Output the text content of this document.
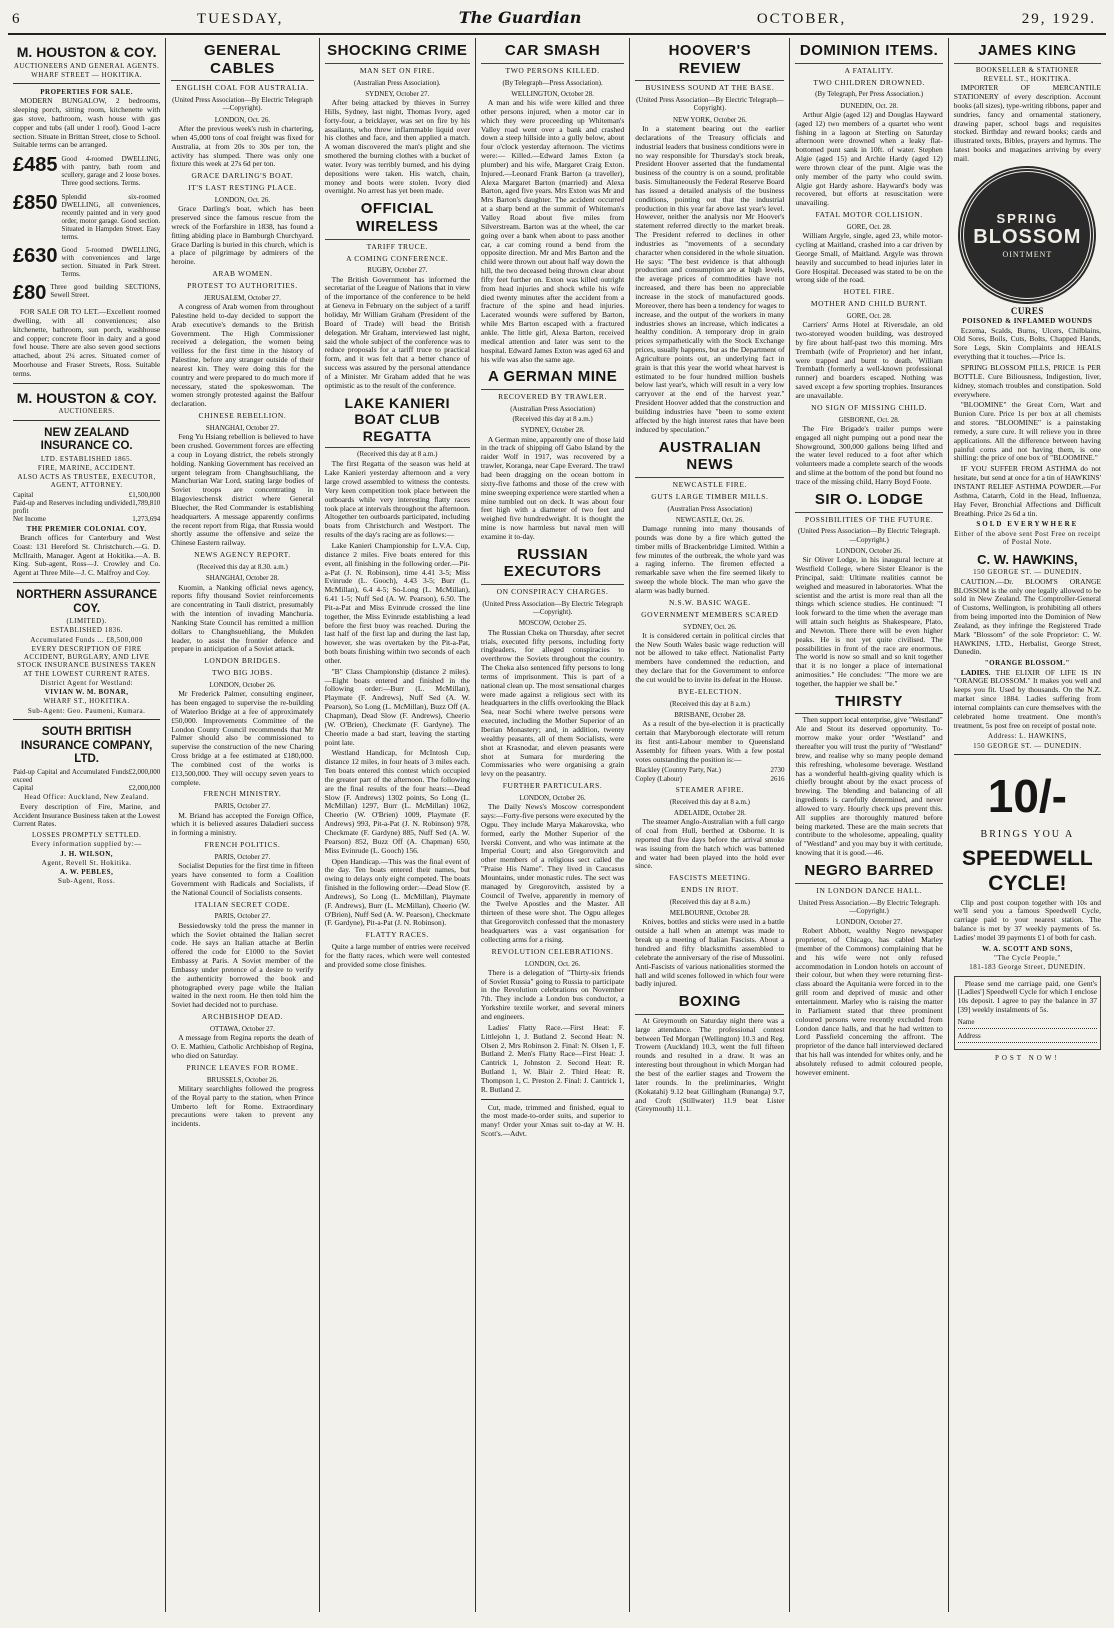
6	TUESDAY,	The Guardian	OCTOBER,	29, 1929.
M. HOUSTON & COY.
AUCTIONEERS AND GENERAL AGENTS.
WHARF STREET — HOKITIKA.
PROPERTIES FOR SALE.

MODERN BUNGALOW, 2 bedrooms, sleeping porch, sitting room, kitchenette with gas stove, bathroom, wash house with gas copper and tubs (all under 1 roof). Good 1-acre section. Situate in Brittan Street, close to School. Suitable terms can be arranged.

£485 Good 4-roomed DWELLING, with pantry, bath room and scullery, garage and 2 loose boxes. Three good sections. Terms.
£850 Splendid six-roomed DWELLING, all conveniences, recently painted and in very good order, motor garage. Good section. Situated in Hampden Street. Easy terms.
£630 Good 5-roomed DWELLING, with conveniences and large section. Situated in Park Street. Terms.
£80 Three good building SECTIONS, Sewell Street.

FOR SALE OR TO LET.—Excellent roomed dwelling, with all conveniences; also kitchenette, bathroom, sun porch, washhouse and copper; concrete floor in dairy and a good fowl house. There are also seven good sections attached, about 2¼ acres. Situated corner of Moorhouse and Fraser Streets, Ross. Suitable terms.

M. HOUSTON & COY.
AUCTIONEERS.
NEW ZEALAND INSURANCE CO.
LTD. ESTABLISHED 1865.
FIRE, MARINE, ACCIDENT.
ALSO ACTS AS TRUSTEE, EXECUTOR, AGENT, ATTORNEY.
Capital	£1,500,000
Paid-up and Reserves including undivided profit
1,789,810
Net Income	1,273,694
THE PREMIER COLONIAL COY.

Branch offices for Canterbury and West Coast: 131 Hereford St. Christchurch.—G. D. McIlraith, Manager. Agent at Hokitika.—A. B. King. Sub-agent, Ross—J. Crowley and Co. Agent at Three Mile—J. C. Malfroy and Coy.

NORTHERN ASSURANCE COY.
(LIMITED).
ESTABLISHED 1836.
Accumulated Funds ... £8,500,000
EVERY DESCRIPTION OF FIRE ACCIDENT, BURGLARY, AND LIVE STOCK INSURANCE BUSINESS TAKEN AT THE LOWEST CURRENT RATES.
District Agent for Westland:
VIVIAN W. M. BONAR,
WHARF ST., HOKITIKA.
Sub-Agent: Geo. Paumeni, Kumara.
SOUTH BRITISH INSURANCE COMPANY, LTD.
Paid-up Capital and Accumulated Funds exceed
£2,000,000
Capital	£2,000,000
Head Office: Auckland, New Zealand.

Every description of Fire, Marine, and Accident Insurance Business taken at the Lowest Current Rates.

LOSSES PROMPTLY SETTLED.
Every information supplied by:—
J. H. WILSON,
Agent, Revell St. Hokitika.
A. W. PEBLES,
Sub-Agent, Ross.
GENERAL CABLES
ENGLISH COAL FOR AUSTRALIA.
(United Press Association—By Electric Telegraph—Copyright).
LONDON, Oct. 26.

After the previous week's rush in chartering, when 45,000 tons of coal freight was fixed for Australia, at from 20s to 30s per ton, the activity has slumped. There was only one fixture this week at 27s 6d per ton.

GRACE DARLING'S BOAT.
IT'S LAST RESTING PLACE.
LONDON, Oct. 26.

Grace Darling's boat, which has been preserved since the famous rescue from the wreck of the Forfarshire in 1838, has found a fitting abiding place in Bamburgh Churchyard. Grace Darling is buried in this church, which is a place of pilgrimage by admirers of the heroine.

ARAB WOMEN.
PROTEST TO AUTHORITIES.
JERUSALEM, October 27.

A congress of Arab women from throughout Palestine held to-day decided to support the Arab executive's demands to the British Government. The High Commissioner received a delegation, the women being veilless for the first time in the history of Palestine, before any stranger outside of their nearest kin. They were doing this for the country and were prepared to do much more if necessary, stated the spokeswoman. The women strongly protested against the Balfour declaration.

CHINESE REBELLION.
SHANGHAI, October 27.

Feng Yu Hsiang rebellion is believed to have been crushed. Government forces are effecting a coup in Loyang district, the rebels strongly holding. Nanking Government has received an urgent telegram from Changhsuchliang, the Manchurian War Lord, stating large bodies of Soviet troops are concentrating in Blagovieschensk district where General Bluecher, the Red Commander is establishing headquarters. A message apparently confirms the recent report from Riga, that Russia would shortly assume the offensive and seize the Chinese Eastern railway.

NEWS AGENCY REPORT.
(Received this day at 8.30. a.m.)
SHANGHAI, October 28.

Kuomin, a Nanking official news agency, reports fifty thousand Soviet reinforcements are concentrating in Tauli district, presumably with the intention of invading Manchuria. Nanking State Council has remitted a million dollars to Changhsuehliang, the Mukden leader, to assist the frontier defence and prepare in anticipation of a Soviet attack.

LONDON BRIDGES.
TWO BIG JOBS.
LONDON, October 26.

Mr Frederick Palmer, consulting engineer, has been engaged to supervise the re-building of Waterloo Bridge at a fee of approximately £50,000. Improvements Committee of the London County Council recommends that Mr Palmer should also be commissioned to supervise the construction of the new Charing Cross bridge at a fee estimated at £180,000. The combined cost of the works is £13,500,000. They will occupy seven years to complete.

FRENCH MINISTRY.
PARIS, October 27.

M. Briand has accepted the Foreign Office, which it is believed assures Daladieri success in forming a ministry.

FRENCH POLITICS.
PARIS, October 27.

Socialist Deputies for the first time in fifteen years have consented to form a Coalition Government with Radicals and Socialists, if the National Council of Socialists consents.

ITALIAN SECRET CODE.
PARIS, October 27.

Bessiedowsky told the press the manner in which the Soviet obtained the Italian secret code. He says an Italian attache at Berlin offered the code for £1000 to the Soviet Embassy at Paris. A Soviet member of the Embassy under pretence of a desire to verify the authenticity borrowed the book and photographed every page while the Italian waited in the next room. He then told him the Soviet had decided not to purchase.

ARCHBISHOP DEAD.
OTTAWA, October 27.

A message from Regina reports the death of O. E. Mathieu, Catholic Archbishop of Regina, who died on Saturday.

PRINCE LEAVES FOR ROME.
BRUSSELS, October 26.

Military searchlights followed the progress of the Royal party to the station, when Prince Umberto left for Rome. Extraordinary precautions were taken to prevent any incidents.

SHOCKING CRIME
MAN SET ON FIRE.
(Australian Press Association).
SYDNEY, October 27.

After being attacked by thieves in Surrey Hills, Sydney, last night, Thomas Ivory, aged forty-four, a bricklayer, was set on fire by his assailants, who threw inflammable liquid over his clothes and face, and then applied a match. A woman discovered the man's plight and she smothered the burning clothes with a bucket of water. Ivory was terribly burned, and his dying depositions were taken. His watch, chain, money and boots were stolen. Ivory died overnight. No arrest has yet been made.

OFFICIAL WIRELESS
TARIFF TRUCE.
A COMING CONFERENCE.
RUGBY, October 27.

The British Government has informed the secretariat of the League of Nations that in view of the importance of the conference to be held at Geneva in February on the subject of a tariff holiday, Mr William Graham (President of the Board of Trade) will head the British delegation. Mr Graham, interviewed last night, said the whole subject of the conference was to reduce proposals for a tariff truce to practical form, and it was felt that a better chance of success was assured by the personal attendance of a Minister. Mr Graham added that he was optimistic as to the result of the conference.

LAKE KANIERI BOAT CLUB REGATTA
(Received this day at 8 a.m.)

The first Regatta of the season was held at Lake Kanieri yesterday afternoon and a very large crowd assembled to witness the contests. Very keen competition took place between the outboards while very interesting flatty races took place at intervals throughout the afternoon. Altogether ten outboards participated, including boats from Christchurch and Westport. The results of the day's racing are as follows:—

Lake Kanieri Championship for L.V.A. Cup, distance 2 miles. Five boats entered for this event, all finishing in the following order.—Pit-a-Pat (J. N. Robinson), time 4.41 3-5; Miss Evinrude (L. Gooch), 4.43 3-5; Burr (L. McMillan), 6.4 4-5; So-Long (L. McMillan), 6.41 1-5; Nuff Sed (A. W. Pearson), 6.50. The Pit-a-Pat and Miss Evinrude crossed the line together, the Miss Evinrude establishing a lead before the first buoy was reached. During the last half of the first lap and during the last lap, however, she was overtaken by the Pit-a-Pat, both boats finishing within two seconds of each other.

"B" Class Championship (distance 2 miles).—Eight boats entered and finished in the following order:—Burr (L. McMillan), Playmate (F. Andrews), Nuff Sed (A. W. Pearson), So Long (L. McMillan), Buzz Off (A. Chapman), Dead Slow (F. Andrews), Cheerio (W. O'Brien), Checkmate (F. Gardyne). The Cheerio made a bad start, leaving the starting point late.

Westland Handicap, for McIntosh Cup, distance 12 miles, in four heats of 3 miles each. Ten boats entered this contest which occupied the greater part of the afternoon. The following are the final results of the four heats:—Dead Slow (F. Andrews) 1302 points, So Long (L. McMillan) 1297, Burr (L. McMillan) 1062, Cheerio (W. O'Brien) 1009, Playmate (F. Andrews) 993, Pit-a-Pat (J. N. Robinson) 978, Checkmate (F. Gardyne) 885, Nuff Sed (A. W. Pearson) 852, Buzz Off (A. Chapman) 650, Miss Evinrude (L. Gooch) 156.

Open Handicap.—This was the final event of the day. Ten boats entered their names, but owing to delays only eight competed. The boats finished in the following order:—Dead Slow (F. Andrews), So Long (L. McMillan), Playmate (F. Andrews), Burr (L. McMillan), Cheerio (W. O'Brien), Nuff Sed (A. W. Pearson), Checkmate (F. Gardyne), Pit-a-Pat (J. N. Robinson).

FLATTY RACES.

Quite a large number of entries were received for the flatty races, which were well contested and provided some close finishes.

CAR SMASH
TWO PERSONS KILLED.
(By Telegraph—Press Association).
WELLINGTON, October 28.

A man and his wife were killed and three other persons injured, when a motor car in which they were proceeding up Whiteman's Valley road went over a bank and crashed down a steep hillside into a gully below, about four o'clock yesterday afternoon. The victims were:— Killed.—Edward James Exton (a plumber) and his wife, Margaret Craig Exton. Injured.—Leonard Frank Barton (a traveller), Alexa Margaret Barton (married) and Alexa Barton, aged five years. Mrs Exton was Mr and Mrs Barton's daughter. The accident occurred at a sharp bend at the summit of Whiteman's Valley Road about five miles from Silverstream. Barton was at the wheel, the car going over a bank when about to pass another car, a car coming round a bend from the opposite direction. Mr and Mrs Barton and the child were thrown out about half way down the hill, the two deceased being thrown clear about fifty feet further on. Exton was killed outright from head injuries and shock while his wife died twenty minutes after the accident from a fracture of the spine and head injuries. Lacerated wounds were suffered by Barton, while Mrs Barton escaped with a fractured ankle. The little girl, Alexa Barton, received medical attention and later was sent to the hospital. Edward James Exton was aged 63 and his wife was also the same age.

A GERMAN MINE
RECOVERED BY TRAWLER.
(Australian Press Association)
(Received this day at 8 a.m.)
SYDNEY, October 28.

A German mine, apparently one of those laid in the track of shipping off Gabo Island by the raider Wolf in 1917, was recovered by a trawler, Koranga, near Cape Everard. The trawl had been dragging on the ocean bottom in sixty-five fathoms and those of the crew with mine sweeping experience were startled when a mine tumbled out on deck. It was about four feet high with a diameter of two feet and weighed five hundredweight. It is thought the mine is now harmless but naval men will examine it to-day.

RUSSIAN EXECUTORS
ON CONSPIRACY CHARGES.
(United Press Association—By Electric Telegraph—Copyright).
MOSCOW, October 25.

The Russian Cheka on Thursday, after secret trials, executed fifty persons, including forty ringleaders, for alleged conspiracies to overthrow the Soviets throughout the country. The Cheka also sentenced fifty persons to long terms of imprisonment. This is part of a national clean up. The most sensational charges were made against a religious sect with its headquarters in the cliffs overlooking the Black Sea, near Sochi where twelve persons were executed, including the Mother Superior of an Iberian Monastery; and, in addition, twenty wealthy peasants, all of them Socialists, were shot at Krasnodar, and eleven peasants were shot at Sumara for murdering the Commissaries who were organising a grain levy on the peasantry.

FURTHER PARTICULARS.
LONDON, October 26.

The Daily News's Moscow correspondent says:—Forty-five persons were executed by the Ogpu. They include Marya Makarovska, who formed, early the Mother Superior of the Iverski Convent, and who was intimate at the Imperial Court; and also Gregorovitch and other members of a religious sect called the "Praise His Name". They lived in Caucasus Mountains, under monastic rules. The sect was managed by Gregorovitch, assisted by a Council of Twelve, apparently in memory of the Twelve Apostles and the Master. All thirteen of these were shot. The Ogpu alleges that Gregorovitch confessed that the monastery headquarters was a vast organisation for collecting arms for a rising.

REVOLUTION CELEBRATIONS.
LONDON, Oct. 26.

There is a delegation of "Thirty-six friends of Soviet Russia" going to Russia to participate in the Revolution celebrations on November 7th. They include a London bus conductor, a Yorkshire textile worker, and several miners and engineers.

Ladies' Flatty Race.—First Heat: F. Littlejohn 1, J. Butland 2. Second Heat: N. Olsen 2, Mrs Robinson 2. Final: N. Olsen 1, F. Butland 2. Men's Flatty Race—First Heat: J. Cantrick 1, Johnston 2. Second Heat: R. Butland 1, W. Blair 2. Third Heat: R. Thompson 1, C. Preston 2. Final: J. Cantrick 1, R. Butland 2.

Cut, made, trimmed and finished, equal to the most made-to-order suits, and superior to many! Order your Xmas suit to-day at W. H. Scott's.—Advt.

HOOVER'S REVIEW
BUSINESS SOUND AT THE BASE.
(United Press Association—By Electric Telegraph—Copyright).
NEW YORK, October 26.

In a statement bearing out the earlier declarations of the Treasury officials and industrial leaders that business conditions were in no way responsible for Thursday's stock break, President Hoover asserted that the fundamental business of the country is on a sound, profitable basis. Simultaneously the Federal Reserve Board has issued a detailed analysis of the business conditions, pointing out that the industrial production in this year far above last year's level. However, neither the analysis nor Mr Hoover's statement referred directly to the market break. The President referred to declines in other industries as "movements of a secondary character when considered in the whole situation. He says: "The best evidence is that although production and consumption are at high levels, the average prices of commodities have not increased, and there has been no appreciable increase in the stock of manufactured goods. Moreover, there has been a tendency for wages to increase, and the output of the workers in many industries shows an increase, which indicates a healthy condition. A temporary drop in grain prices sympathetically with the Stock Exchange prices, usually happens, but as the Department of Agriculture points out, an underlying fact in grain is that this year the world wheat harvest is estimated to be four hundred million bushels below last year's, which will result in a very low carryover at the end of the harvest year." President Hoover added that the construction and building industries have "been to some extent affected by the high interest rates that have been induced by speculation."

AUSTRALIAN NEWS
NEWCASTLE FIRE.
GUTS LARGE TIMBER MILLS.
(Australian Press Association)
NEWCASTLE, Oct. 26.

Damage running into many thousands of pounds was done by a fire which gutted the timber mills of Brackenbridge Limited. Within a few minutes of the outbreak, the whole yard was a raging inferno. The firemen effected a remarkable save when the fire seemed likely to sweep the whole block. The man who gave the alarm was badly burned.

N.S.W. BASIC WAGE.
GOVERNMENT MEMBERS SCARED
SYDNEY, Oct. 26.

It is considered certain in political circles that the New South Wales basic wage reduction will not be allowed to take effect. Nationalist Party members have condemned the reduction, and they declare that for the Government to enforce the cut would be to invite its defeat in the House.

BYE-ELECTION.
(Received this day at 8 a.m.)
BRISBANE, October 28.

As a result of the bye-election it is practically certain that Maryborough electorate will return its first anti-Labour member to Queensland Assembly for fifteen years. With a few postal votes outstanding the position is:—

Blackley (Country Party, Nat.)	2730
Copley (Labour)	2616
STEAMER AFIRE.
(Received this day at 8 a.m.)
ADELAIDE, October 28.

The steamer Anglo-Australian with a full cargo of coal from Hull, berthed at Osborne. It is reported that five days before the arrival smoke was issuing from the hatch which was battened and water had been played into the hold ever since.

FASCISTS MEETING.
ENDS IN RIOT.
(Received this day at 8 a.m.)
MELBOURNE, October 28.

Knives, bottles and sticks were used in a battle outside a hall when an attempt was made to break up a meeting of Italian Fascists. About a hundred and fifty blacksmiths assembled to celebrate the anniversary of the rise of Mussolini. Anti-Fascists of various nationalities stormed the hall and wild scenes followed in which four were badly injured.

BOXING

At Greymouth on Saturday night there was a large attendance. The professional contest between Ted Morgan (Wellington) 10.3 and Reg. Trowern (Auckland) 10.3, went the full fifteen rounds and resulted in a draw. It was an interesting bout throughout in which Morgan had the best of the earlier stages and Trowern the later rounds. In the preliminaries, Wright (Kokatahi) 9.12 beat Gillingham (Runanga) 9.7, and Croft (Stillwater) 11.9 beat Lister (Greymouth) 11.1.

DOMINION ITEMS.
A FATALITY.
TWO CHILDREN DROWNED.
(By Telegraph, Per Press Association.)
DUNEDIN, Oct. 28.

Arthur Algie (aged 12) and Douglas Hayward (aged 12) two members of a quartet who went fishing in a lagoon at Sterling on Saturday afternoon were drowned when a leaky flat-bottomed punt sank in 10ft. of water. Stephen Algie (aged 15) and Archie Hardy (aged 12) were thrown clear of the punt. Algie was the only member of the party who could swim. Algie got Hardy ashore. Hayward's body was recovered, but efforts at resuscitation were unavailing.

FATAL MOTOR COLLISION.
GORE, Oct. 28.

William Argyle, single, aged 23, while motor-cycling at Maitland, crashed into a car driven by George Small, of Maitland. Argyle was thrown heavily and succumbed to head injuries later in Gore Hospital. Deceased was stated to be on the wrong side of the road.

HOTEL FIRE.
MOTHER AND CHILD BURNT.
GORE, Oct. 28.

Carriers' Arms Hotel at Riversdale, an old two-storeyed wooden building, was destroyed by fire about half-past two this morning. Mrs Trembath (wife of Proprietor) and her infant, were trapped and burnt to death. William Trembath (formerly a well-known professional runner) and boarders escaped. Nothing was saved except a few sporting trophies. Insurances are unavailable.

NO SIGN OF MISSING CHILD.
GISBORNE, Oct. 28.

The Fire Brigade's trailer pumps were engaged all night pumping out a pond near the Showground, 300,000 gallons being lifted and the water level reduced to a foot after which volunteers made a complete search of the woods and slime at the bottom of the pond but found no trace of the missing child, Harry Boyd Foote.

SIR O. LODGE
POSSIBILITIES OF THE FUTURE.
(United Press Association—By Electric Telegraph.—Copyright.)
LONDON, October 26.

Sir Oliver Lodge, in his inaugural lecture at Westfield College, where Sister Eleanor is the Principal, said: Ultimate realities cannot be weighed and measured in laboratories. What the scientist and the artist is more real than all the things which science studies. He continued: "I look forward to the time when the average man will attain such heights as Shakespeare, Plato, and Newton. There there will be even higher peaks. He is not yet quite civilised. The possibilities in front of the race are enormous. The world is now so small and so knit together that it is no longer a place of international animosities." He concludes: "The more we are together, the happier we shall be."

THIRSTY

Then support local enterprise, give "Westland" Ale and Stout its deserved opportunity. To-morrow make your order "Westland" and thereafter you will trust the purity of "Westland" brew, and realise why so many people demand this refreshing, wholesome beverage. Westland has a wonderful health-giving quality which is chiefly brought about by the exact process of brewing. The blending and balancing of all ingredients is carefully determined, and never allowed to vary. Hourly check ups prevent this. All supplies are thoroughly matured before being marketed. These are the main secrets that contribute to the wholesome, appealing, quality of "Westland" and you may buy it with certitude, knowing that it is good.—46.

NEGRO BARRED
IN LONDON DANCE HALL.
United Press Association.—By Electric Telegraph.—Copyright.)
LONDON, October 27.

Robert Abbott, wealthy Negro newspaper proprietor, of Chicago, has cabled Marley (member of the Commons) complaining that he and his wife were not only refused accommodation in London hotels on account of their colour, but when they were returning first-class aboard the Aquitania were forced in to the grill room and deprived of music and other entertainment. Marley who is raising the matter in Parliament stated that three prominent coloured persons were recently excluded from London dance halls, and that he had written to Lord Passfield concerning the affront. The proprietor of the dance hall interviewed declared that his hall was intended for whites only, and he absolutely refused to admit coloured people, however eminent.

JAMES KING
BOOKSELLER & STATIONER
REVELL ST., HOKITIKA.

IMPORTER OF MERCANTILE STATIONERY of every description. Account books (all sizes), type-writing ribbons, paper and sundries, fancy and ornamental stationery, drawing paper, school bags and requisites stocked. Birthday and reward books; cards and illustrated texts, Bibles, prayers and hymns. The latest books and magazines arriving by every mail.

SPRING
BLOSSOM
OINTMENT
CURES
POISONED & INFLAMED WOUNDS

Eczema, Scalds, Burns, Ulcers, Chilblains, Old Sores, Boils, Cuts, Bolts, Chapped Hands, Sore Legs, Skin Complaints and HEALS everything that it touches.—Price 1s.

SPRING BLOSSOM PILLS, PRICE 1s PER BOTTLE. Cure Biliousness, Indigestion, liver, kidney, stomach troubles and constipation. Sold everywhere.

"BLOOMINE" the Great Corn, Wart and Bunion Cure. Price 1s per box at all chemists and stores. "BLOOMINE" is a painstaking remedy, a sure cure. It will relieve you in three applications. All the difference between having painful corns and not having them, is one shilling: the price of one box of "BLOOMINE."

IF YOU SUFFER FROM ASTHMA do not hesitate, but send at once for a tin of HAWKINS' INSTANT RELIEF ASTHMA POWDER.—For Asthma, Catarrh, Cold in the Head, Influenza, Hay Fever, Bronchial Affections and Difficult Breathing. Price 2s 6d a tin.

SOLD EVERYWHERE
Either of the above sent Post Free on receipt of Postal Note.
C. W. HAWKINS,
150 GEORGE ST. — DUNEDIN.

CAUTION.—Dr. BLOOM'S ORANGE BLOSSOM is the only one legally allowed to be sold in New Zealand. The Comptroller-General of Customs, Wellington, is prohibiting all others from being imported into the Dominion of New Zealand, as they infringe the Registered Trade Mark "Blossom" of the sole Proprietor: C. W. HAWKINS, LTD., Herbalist, George Street, Dunedin.

"ORANGE BLOSSOM."

LADIES. THE ELIXIR OF LIFE IS IN "ORANGE BLOSSOM." It makes you well and keeps you fit. Used by thousands. On the N.Z. market since 1884. Ladies suffering from internal complaints can cure themselves with the celebrated home treatment. One month's treatment, 5s post free on receipt of postal note.

Address: L. HAWKINS,
150 GEORGE ST. — DUNEDIN.
10/-
BRINGS YOU A
SPEEDWELL CYCLE!

Clip and post coupon together with 10s and we'll send you a famous Speedwell Cycle, carriage paid to your nearest station. The balance is met by 37 weekly payments of 5s. Ladies' model 39 payments £1 of both for cash.

W. A. SCOTT AND SONS,
"The Cycle People,"
181-183 George Street, DUNEDIN.

Please send me carriage paid, one Gent's [Ladies'] Speedwell Cycle for which I enclose 10s deposit. I agree to pay the balance in 37 [39] weekly instalments of 5s.

Name
Address
POST NOW!
